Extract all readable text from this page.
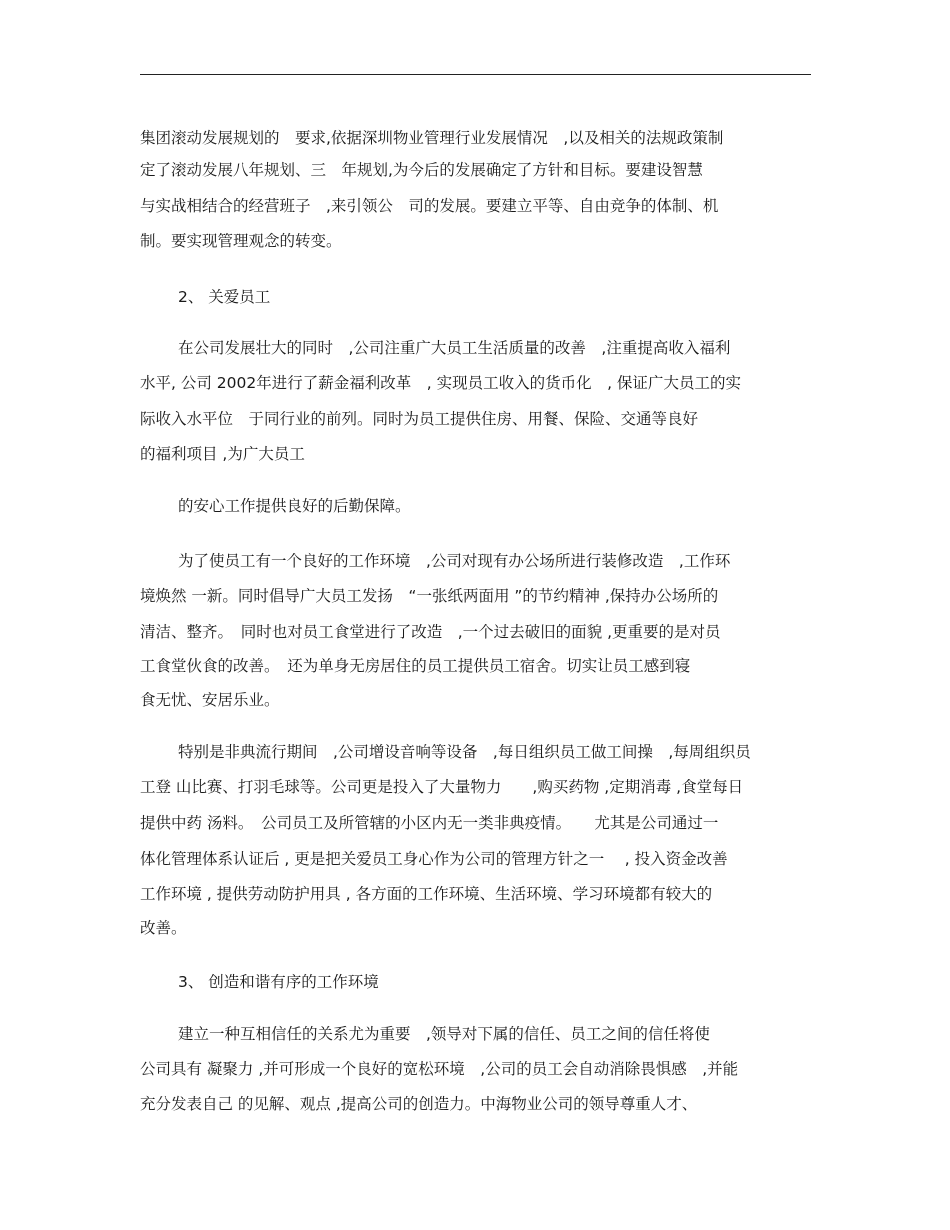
集团滚动发展规划的　要求,依据深圳物业管理行业发展情况　,以及相关的法规政策制
定了滚动发展八年规划、三　年规划,为今后的发展确定了方针和目标。要建设智慧
与实战相结合的经营班子　,来引领公　司的发展。要建立平等、自由竞争的体制、机
制。要实现管理观念的转变。
2、 关爱员工
在公司发展壮大的同时　,公司注重广大员工生活质量的改善　,注重提高收入福利
水平, 公司 2002年进行了薪金福利改革　, 实现员工收入的货币化　, 保证广大员工的实
际收入水平位　于同行业的前列。同时为员工提供住房、用餐、保险、交通等良好
的福利项目 ,为广大员工
的安心工作提供良好的后勤保障。
为了使员工有一个良好的工作环境　,公司对现有办公场所进行装修改造　,工作环
境焕然 一新。同时倡导广大员工发扬　“一张纸两面用 ”的节约精神 ,保持办公场所的
清洁、整齐。　同时也对员工食堂进行了改造　,一个过去破旧的面貌 ,更重要的是对员
工食堂伙食的改善。　还为单身无房居住的员工提供员工宿舍。切实让员工感到寝
食无忧、安居乐业。
特别是非典流行期间　,公司增设音响等设备　,每日组织员工做工间操　,每周组织员
工登 山比赛、打羽毛球等。公司更是投入了大量物力　　,购买药物 ,定期消毒 ,食堂每日
提供中药 汤料。　公司员工及所管辖的小区内无一类非典疫情。　　尤其是公司通过一
体化管理体系认证后 , 更是把关爱员工身心作为公司的管理方针之一　 , 投入资金改善
工作环境 , 提供劳动防护用具 , 各方面的工作环境、生活环境、学习环境都有较大的
改善。
3、 创造和谐有序的工作环境
建立一种互相信任的关系尤为重要　,领导对下属的信任、员工之间的信任将使
公司具有 凝聚力 ,并可形成一个良好的宽松环境　,公司的员工会自动消除畏惧感　,并能
充分发表自己 的见解、观点 ,提高公司的创造力。中海物业公司的领导尊重人才、
